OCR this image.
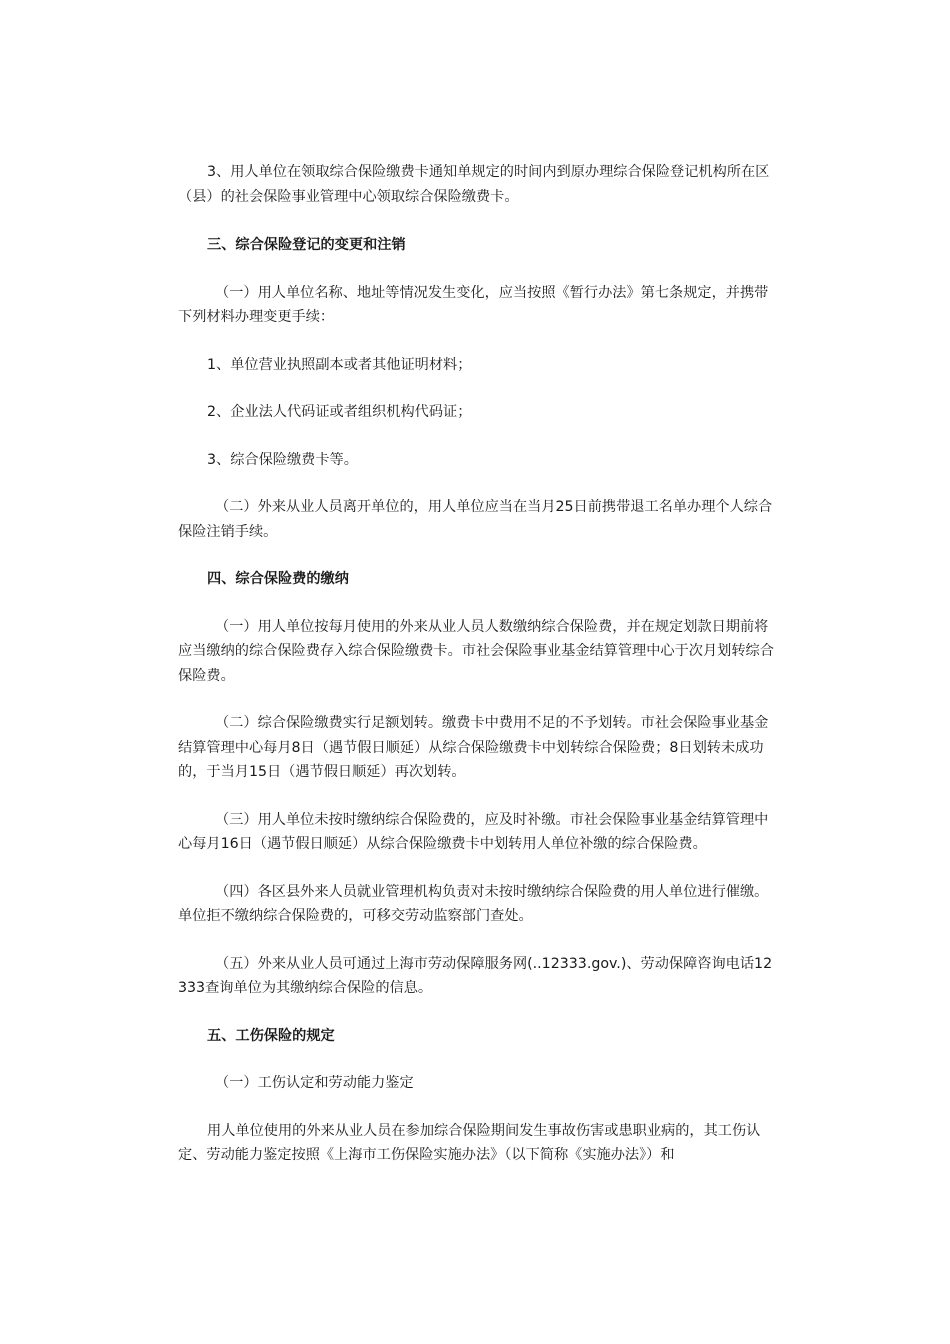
3、用人单位在领取综合保险缴费卡通知单规定的时间内到原办理综合保险登记机构所在区（县）的社会保险事业管理中心领取综合保险缴费卡。

三、综合保险登记的变更和注销

（一）用人单位名称、地址等情况发生变化，应当按照《暂行办法》第七条规定，并携带下列材料办理变更手续：

1、单位营业执照副本或者其他证明材料；

2、企业法人代码证或者组织机构代码证；

3、综合保险缴费卡等。

（二）外来从业人员离开单位的，用人单位应当在当月25日前携带退工名单办理个人综合保险注销手续。

四、综合保险费的缴纳

（一）用人单位按每月使用的外来从业人员人数缴纳综合保险费，并在规定划款日期前将应当缴纳的综合保险费存入综合保险缴费卡。市社会保险事业基金结算管理中心于次月划转综合保险费。

（二）综合保险缴费实行足额划转。缴费卡中费用不足的不予划转。市社会保险事业基金结算管理中心每月8日（遇节假日顺延）从综合保险缴费卡中划转综合保险费；8日划转未成功的，于当月15日（遇节假日顺延）再次划转。

（三）用人单位未按时缴纳综合保险费的，应及时补缴。市社会保险事业基金结算管理中心每月16日（遇节假日顺延）从综合保险缴费卡中划转用人单位补缴的综合保险费。

（四）各区县外来人员就业管理机构负责对未按时缴纳综合保险费的用人单位进行催缴。单位拒不缴纳综合保险费的，可移交劳动监察部门查处。

（五）外来从业人员可通过上海市劳动保障服务网(..12333.gov.)、劳动保障咨询电话12333查询单位为其缴纳综合保险的信息。

五、工伤保险的规定

（一）工伤认定和劳动能力鉴定

用人单位使用的外来从业人员在参加综合保险期间发生事故伤害或患职业病的，其工伤认定、劳动能力鉴定按照《上海市工伤保险实施办法》（以下简称《实施办法》）和
